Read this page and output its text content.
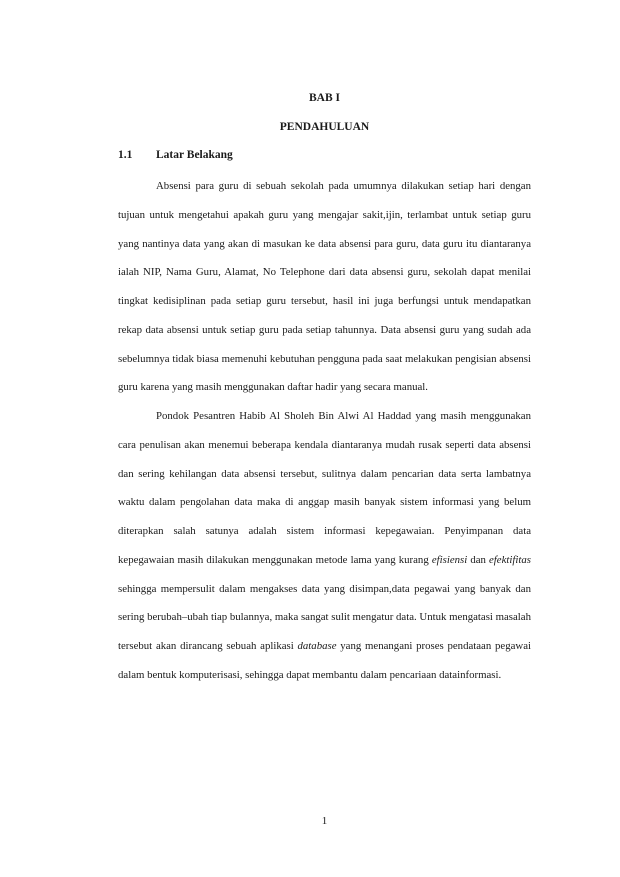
BAB I
PENDAHULUAN
1.1 Latar Belakang

Absensi para guru di sebuah sekolah pada umumnya dilakukan setiap hari dengan tujuan untuk mengetahui apakah guru yang mengajar sakit,ijin, terlambat untuk setiap guru yang nantinya data yang akan di masukan ke data absensi para guru, data guru itu diantaranya ialah NIP, Nama Guru, Alamat, No Telephone dari data absensi guru, sekolah dapat menilai tingkat kedisiplinan pada setiap guru tersebut, hasil ini juga berfungsi untuk mendapatkan rekap data absensi untuk setiap guru pada setiap tahunnya. Data absensi guru yang sudah ada sebelumnya tidak biasa memenuhi kebutuhan pengguna pada saat melakukan pengisian absensi guru karena yang masih menggunakan daftar hadir yang secara manual.

Pondok Pesantren Habib Al Sholeh Bin Alwi Al Haddad yang masih menggunakan cara penulisan akan menemui beberapa kendala diantaranya mudah rusak seperti data absensi dan sering kehilangan data absensi tersebut, sulitnya dalam pencarian data serta lambatnya waktu dalam pengolahan data maka di anggap masih banyak sistem informasi yang belum diterapkan salah satunya adalah sistem informasi kepegawaian. Penyimpanan data kepegawaian masih dilakukan menggunakan metode lama yang kurang efisiensi dan efektifitas sehingga mempersulit dalam mengakses data yang disimpan,data pegawai yang banyak dan sering berubah–ubah tiap bulannya, maka sangat sulit mengatur data. Untuk mengatasi masalah tersebut akan dirancang sebuah aplikasi database yang menangani proses pendataan pegawai dalam bentuk komputerisasi, sehingga dapat membantu dalam pencariaan datainformasi.

1
